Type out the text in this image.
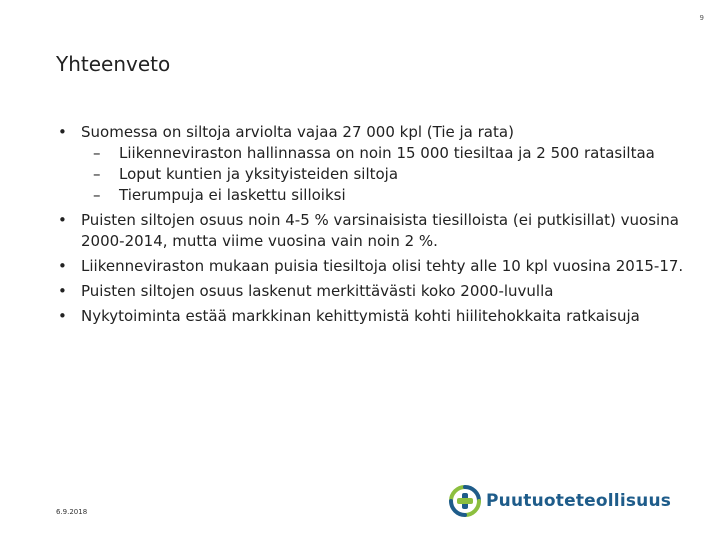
9
Yhteenveto

• Suomessa on siltoja arviolta vajaa 27 000 kpl (Tie ja rata)

– Liikenneviraston hallinnassa on noin 15 000 tiesiltaa ja 2 500 ratasiltaa

– Loput kuntien ja yksityisteiden siltoja

– Tierumpuja ei laskettu silloiksi

• Puisten siltojen osuus noin 4-5 % varsinaisista tiesilloista (ei putkisillat) vuosina 2000-2014, mutta viime vuosina vain noin 2 %.

• Liikenneviraston mukaan puisia tiesiltoja olisi tehty alle 10 kpl vuosina 2015-17.

• Puisten siltojen osuus laskenut merkittävästi koko 2000-luvulla

• Nykytoiminta estää markkinan kehittymistä kohti hiilitehokkaita ratkaisuja

6.9.2018
Puutuoteteollisuus
